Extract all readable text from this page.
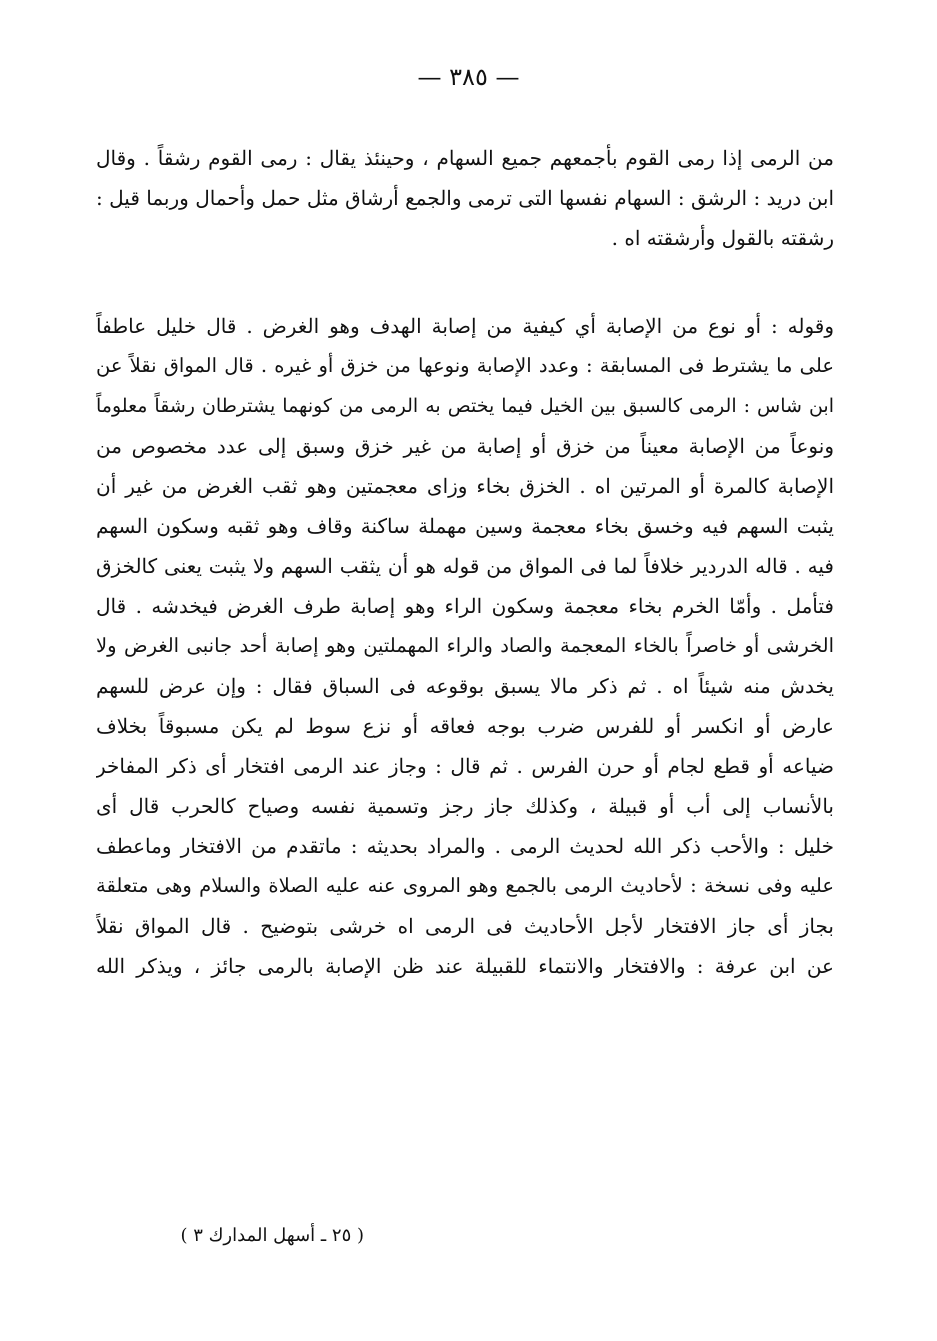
— ٣٨٥ —
من الرمى إذا رمى القوم بأجمعهم جميع السهام ، وحينئذ يقال : رمى القوم رشقاً . وقال
ابن دريد : الرشق : السهام نفسها التى ترمى والجمع أرشاق مثل حمل وأحمال وربما قيل :
رشقته بالقول وأرشقته اه .
وقوله : أو نوع من الإصابة أي كيفية من إصابة الهدف وهو الغرض . قال خليل عاطفاً
على ما يشترط فى المسابقة : وعدد الإصابة ونوعها من خزق أو غيره . قال المواق نقلاً عن
ابن شاس : الرمى كالسبق بين الخيل فيما يختص به الرمى من كونهما يشترطان رشقاً معلوماً
ونوعاً من الإصابة معيناً من خزق أو إصابة من غير خزق وسبق إلى عدد مخصوص من
الإصابة كالمرة أو المرتين اه . الخزق بخاء وزاى معجمتين وهو ثقب الغرض من غير أن
يثبت السهم فيه وخسق بخاء معجمة وسين مهملة ساكنة وقاف وهو ثقبه وسكون السهم
فيه . قاله الدردير خلافاً لما فى المواق من قوله هو أن يثقب السهم ولا يثبت يعنى كالخزق
فتأمل . وأمّا الخرم بخاء معجمة وسكون الراء وهو إصابة طرف الغرض فيخدشه . قال
الخرشى أو خاصراً بالخاء المعجمة والصاد والراء المهملتين وهو إصابة أحد جانبى الغرض ولا
يخدش منه شيئاً اه . ثم ذكر مالا يسبق بوقوعه فى السباق فقال : وإن عرض للسهم
عارض أو انكسر أو للفرس ضرب بوجه فعاقه أو نزع سوط لم يكن مسبوقاً بخلاف
ضياعه أو قطع لجام أو حرن الفرس . ثم قال : وجاز عند الرمى افتخار أى ذكر المفاخر
بالأنساب إلى أب أو قبيلة ، وكذلك جاز رجز وتسمية نفسه وصياح كالحرب قال أى
خليل : والأحب ذكر الله لحديث الرمى . والمراد بحديثه : ماتقدم من الافتخار وماعطف
عليه وفى نسخة : لأحاديث الرمى بالجمع وهو المروى عنه عليه الصلاة والسلام وهى متعلقة
بجاز أى جاز الافتخار لأجل الأحاديث فى الرمى اه خرشى بتوضيح . قال المواق نقلاً
عن ابن عرفة : والافتخار والانتماء للقبيلة عند ظن الإصابة بالرمى جائز ، ويذكر الله
( ٢٥ ـ أسهل المدارك ٣ )
